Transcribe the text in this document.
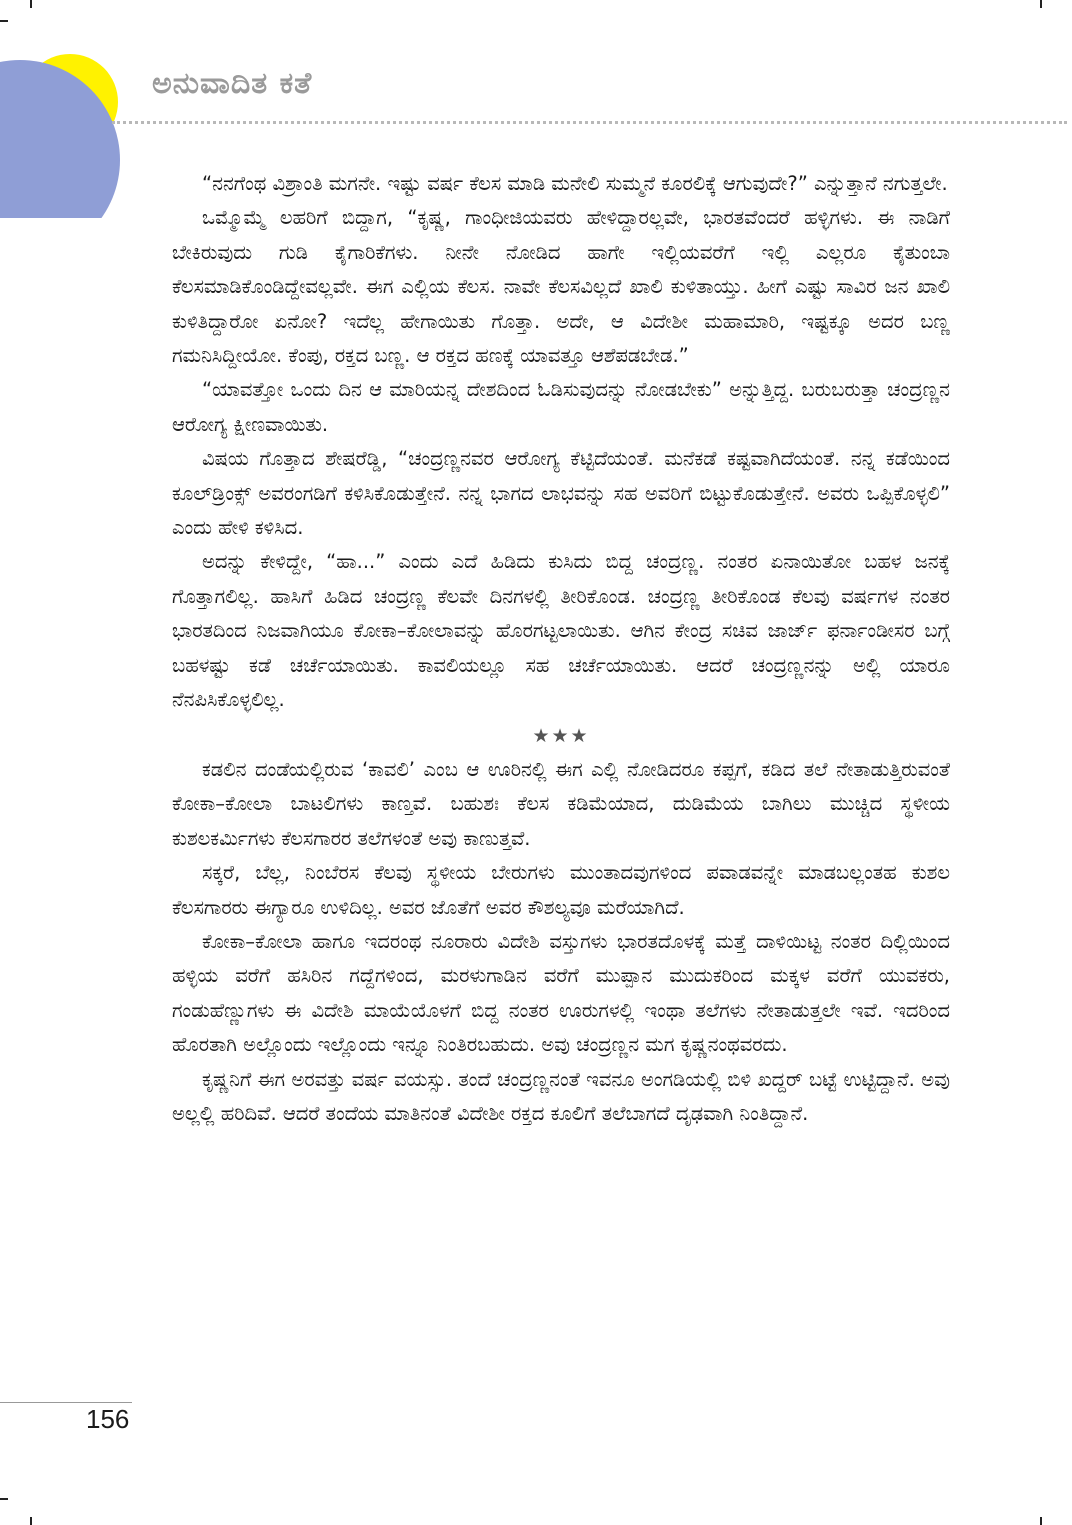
ಅನುವಾದಿತ ಕತೆ

“ನನಗೆಂಥ ವಿಶ್ರಾಂತಿ ಮಗನೇ. ಇಷ್ಟು ವರ್ಷ ಕೆಲಸ ಮಾಡಿ ಮನೇಲಿ ಸುಮ್ಮನೆ ಕೂರಲಿಕ್ಕೆ ಆಗುವುದೇ?” ಎನ್ನುತ್ತಾನೆ ನಗುತ್ತಲೇ.

ಒಮ್ಮೊಮ್ಮೆ ಲಹರಿಗೆ ಬಿದ್ದಾಗ, “ಕೃಷ್ಣ, ಗಾಂಧೀಜಿಯವರು ಹೇಳಿದ್ದಾರಲ್ಲವೇ, ಭಾರತವೆಂದರೆ ಹಳ್ಳಿಗಳು. ಈ ನಾಡಿಗೆ ಬೇಕಿರುವುದು ಗುಡಿ ಕೈಗಾರಿಕೆಗಳು. ನೀನೇ ನೋಡಿದ ಹಾಗೇ ಇಲ್ಲಿಯವರೆಗೆ ಇಲ್ಲಿ ಎಲ್ಲರೂ ಕೈತುಂಬಾ ಕೆಲಸಮಾಡಿಕೊಂಡಿದ್ದೇವಲ್ಲವೇ. ಈಗ ಎಲ್ಲಿಯ ಕೆಲಸ. ನಾವೇ ಕೆಲಸವಿಲ್ಲದೆ ಖಾಲಿ ಕುಳಿತಾಯ್ತು. ಹೀಗೆ ಎಷ್ಟು ಸಾವಿರ ಜನ ಖಾಲಿ ಕುಳಿತಿದ್ದಾರೋ ಏನೋ? ಇದೆಲ್ಲ ಹೇಗಾಯಿತು ಗೊತ್ತಾ. ಅದೇ, ಆ ವಿದೇಶೀ ಮಹಾಮಾರಿ, ಇಷ್ಟಕ್ಕೂ ಅದರ ಬಣ್ಣ ಗಮನಿಸಿದ್ದೀಯೋ. ಕೆಂಪು, ರಕ್ತದ ಬಣ್ಣ. ಆ ರಕ್ತದ ಹಣಕ್ಕೆ ಯಾವತ್ತೂ ಆಶೆಪಡಬೇಡ.”

“ಯಾವತ್ತೋ ಒಂದು ದಿನ ಆ ಮಾರಿಯನ್ನ ದೇಶದಿಂದ ಓಡಿಸುವುದನ್ನು ನೋಡಬೇಕು” ಅನ್ನುತ್ತಿದ್ದ. ಬರುಬರುತ್ತಾ ಚಂದ್ರಣ್ಣನ ಆರೋಗ್ಯ ಕ್ಷೀಣವಾಯಿತು.

ವಿಷಯ ಗೊತ್ತಾದ ಶೇಷರೆಡ್ಡಿ, “ಚಂದ್ರಣ್ಣನವರ ಆರೋಗ್ಯ ಕೆಟ್ಟಿದೆಯಂತೆ. ಮನೆಕಡೆ ಕಷ್ಟವಾಗಿದೆಯಂತೆ. ನನ್ನ ಕಡೆಯಿಂದ ಕೂಲ್‌ಡ್ರಿಂಕ್ಸ್ ಅವರಂಗಡಿಗೆ ಕಳಿಸಿಕೊಡುತ್ತೇನೆ. ನನ್ನ ಭಾಗದ ಲಾಭವನ್ನು ಸಹ ಅವರಿಗೆ ಬಿಟ್ಟುಕೊಡುತ್ತೇನೆ. ಅವರು ಒಪ್ಪಿಕೊಳ್ಳಲಿ” ಎಂದು ಹೇಳಿ ಕಳಿಸಿದ.

ಅದನ್ನು ಕೇಳಿದ್ದೇ, “ಹಾ...” ಎಂದು ಎದೆ ಹಿಡಿದು ಕುಸಿದು ಬಿದ್ದ ಚಂದ್ರಣ್ಣ. ನಂತರ ಏನಾಯಿತೋ ಬಹಳ ಜನಕ್ಕೆ ಗೊತ್ತಾಗಲಿಲ್ಲ. ಹಾಸಿಗೆ ಹಿಡಿದ ಚಂದ್ರಣ್ಣ ಕೆಲವೇ ದಿನಗಳಲ್ಲಿ ತೀರಿಕೊಂಡ. ಚಂದ್ರಣ್ಣ ತೀರಿಕೊಂಡ ಕೆಲವು ವರ್ಷಗಳ ನಂತರ ಭಾರತದಿಂದ ನಿಜವಾಗಿಯೂ ಕೋಕಾ–ಕೋಲಾವನ್ನು ಹೊರಗಟ್ಟಲಾಯಿತು. ಆಗಿನ ಕೇಂದ್ರ ಸಚಿವ ಜಾರ್ಜ್ ಫರ್ನಾಂಡೀಸರ ಬಗ್ಗೆ ಬಹಳಷ್ಟು ಕಡೆ ಚರ್ಚೆಯಾಯಿತು. ಕಾವಲಿಯಲ್ಲೂ ಸಹ ಚರ್ಚೆಯಾಯಿತು. ಆದರೆ ಚಂದ್ರಣ್ಣನನ್ನು ಅಲ್ಲಿ ಯಾರೂ ನೆನಪಿಸಿಕೊಳ್ಳಲಿಲ್ಲ.

★★★

ಕಡಲಿನ ದಂಡೆಯಲ್ಲಿರುವ ‘ಕಾವಲಿ’ ಎಂಬ ಆ ಊರಿನಲ್ಲಿ ಈಗ ಎಲ್ಲಿ ನೋಡಿದರೂ ಕಪ್ಪಗೆ, ಕಡಿದ ತಲೆ ನೇತಾಡುತ್ತಿರುವಂತೆ ಕೋಕಾ–ಕೋಲಾ ಬಾಟಲಿಗಳು ಕಾಣ್ತವೆ. ಬಹುಶಃ ಕೆಲಸ ಕಡಿಮೆಯಾದ, ದುಡಿಮೆಯ ಬಾಗಿಲು ಮುಚ್ಚಿದ ಸ್ಥಳೀಯ ಕುಶಲಕರ್ಮಿಗಳು ಕೆಲಸಗಾರರ ತಲೆಗಳಂತೆ ಅವು ಕಾಣುತ್ತವೆ.

ಸಕ್ಕರೆ, ಬೆಲ್ಲ, ನಿಂಬೆರಸ ಕೆಲವು ಸ್ಥಳೀಯ ಬೇರುಗಳು ಮುಂತಾದವುಗಳಿಂದ ಪವಾಡವನ್ನೇ ಮಾಡಬಲ್ಲಂತಹ ಕುಶಲ ಕೆಲಸಗಾರರು ಈಗ್ಯಾರೂ ಉಳಿದಿಲ್ಲ. ಅವರ ಜೊತೆಗೆ ಅವರ ಕೌಶಲ್ಯವೂ ಮರೆಯಾಗಿದೆ.

ಕೋಕಾ–ಕೋಲಾ ಹಾಗೂ ಇದರಂಥ ನೂರಾರು ವಿದೇಶಿ ವಸ್ತುಗಳು ಭಾರತದೊಳಕ್ಕೆ ಮತ್ತೆ ದಾಳಿಯಿಟ್ಟ ನಂತರ ದಿಲ್ಲಿಯಿಂದ ಹಳ್ಳಿಯ ವರೆಗೆ ಹಸಿರಿನ ಗದ್ದೆಗಳಿಂದ, ಮರಳುಗಾಡಿನ ವರೆಗೆ ಮುಪ್ಪಾನ ಮುದುಕರಿಂದ ಮಕ್ಕಳ ವರೆಗೆ ಯುವಕರು, ಗಂಡುಹೆಣ್ಣುಗಳು ಈ ವಿದೇಶಿ ಮಾಯೆಯೊಳಗೆ ಬಿದ್ದ ನಂತರ ಊರುಗಳಲ್ಲಿ ಇಂಥಾ ತಲೆಗಳು ನೇತಾಡುತ್ತಲೇ ಇವೆ. ಇದರಿಂದ ಹೊರತಾಗಿ ಅಲ್ಲೊಂದು ಇಲ್ಲೊಂದು ಇನ್ನೂ ನಿಂತಿರಬಹುದು. ಅವು ಚಂದ್ರಣ್ಣನ ಮಗ ಕೃಷ್ಣನಂಥವರದು.

ಕೃಷ್ಣನಿಗೆ ಈಗ ಅರವತ್ತು ವರ್ಷ ವಯಸ್ಸು. ತಂದೆ ಚಂದ್ರಣ್ಣನಂತೆ ಇವನೂ ಅಂಗಡಿಯಲ್ಲಿ ಬಿಳಿ ಖದ್ದರ್ ಬಟ್ಟೆ ಉಟ್ಟಿದ್ದಾನೆ. ಅವು ಅಲ್ಲಲ್ಲಿ ಹರಿದಿವೆ. ಆದರೆ ತಂದೆಯ ಮಾತಿನಂತೆ ವಿದೇಶೀ ರಕ್ತದ ಕೂಲಿಗೆ ತಲೆಬಾಗದೆ ದೃಢವಾಗಿ ನಿಂತಿದ್ದಾನೆ.

156
